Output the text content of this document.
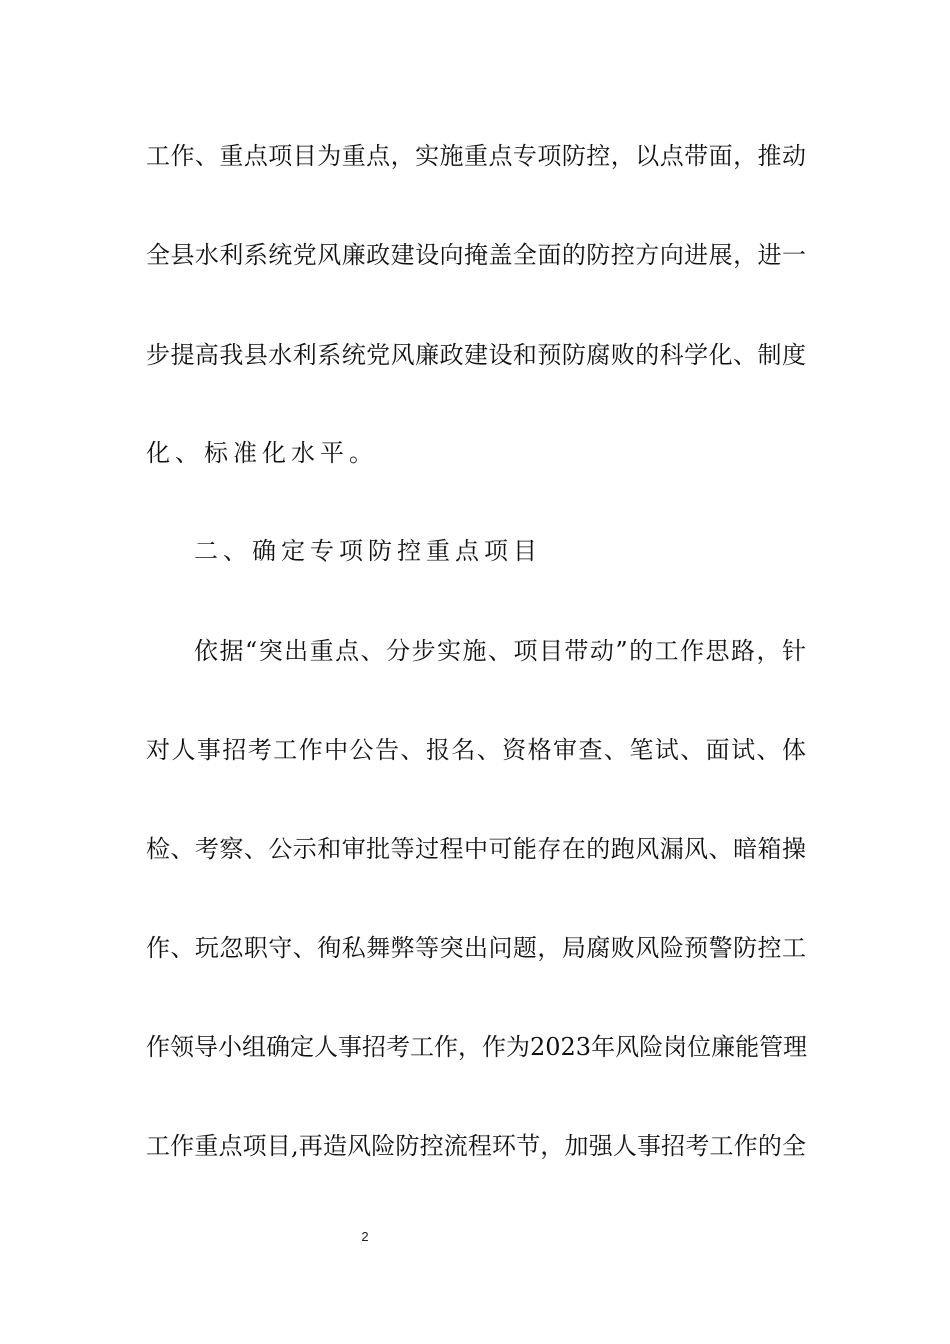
工作、重点项目为重点，实施重点专项防控，以点带面，推动
全县水利系统党风廉政建设向掩盖全面的防控方向进展，进一
步提高我县水利系统党风廉政建设和预防腐败的科学化、制度
化、标准化水平。
二、确定专项防控重点项目
依据“突出重点、分步实施、项目带动”的工作思路，针
对人事招考工作中公告、报名、资格审查、笔试、面试、体
检、考察、公示和审批等过程中可能存在的跑风漏风、暗箱操
作、玩忽职守、徇私舞弊等突出问题，局腐败风险预警防控工
作领导小组确定人事招考工作，作为2023年风险岗位廉能管理
工作重点项目,再造风险防控流程环节，加强人事招考工作的全
2
